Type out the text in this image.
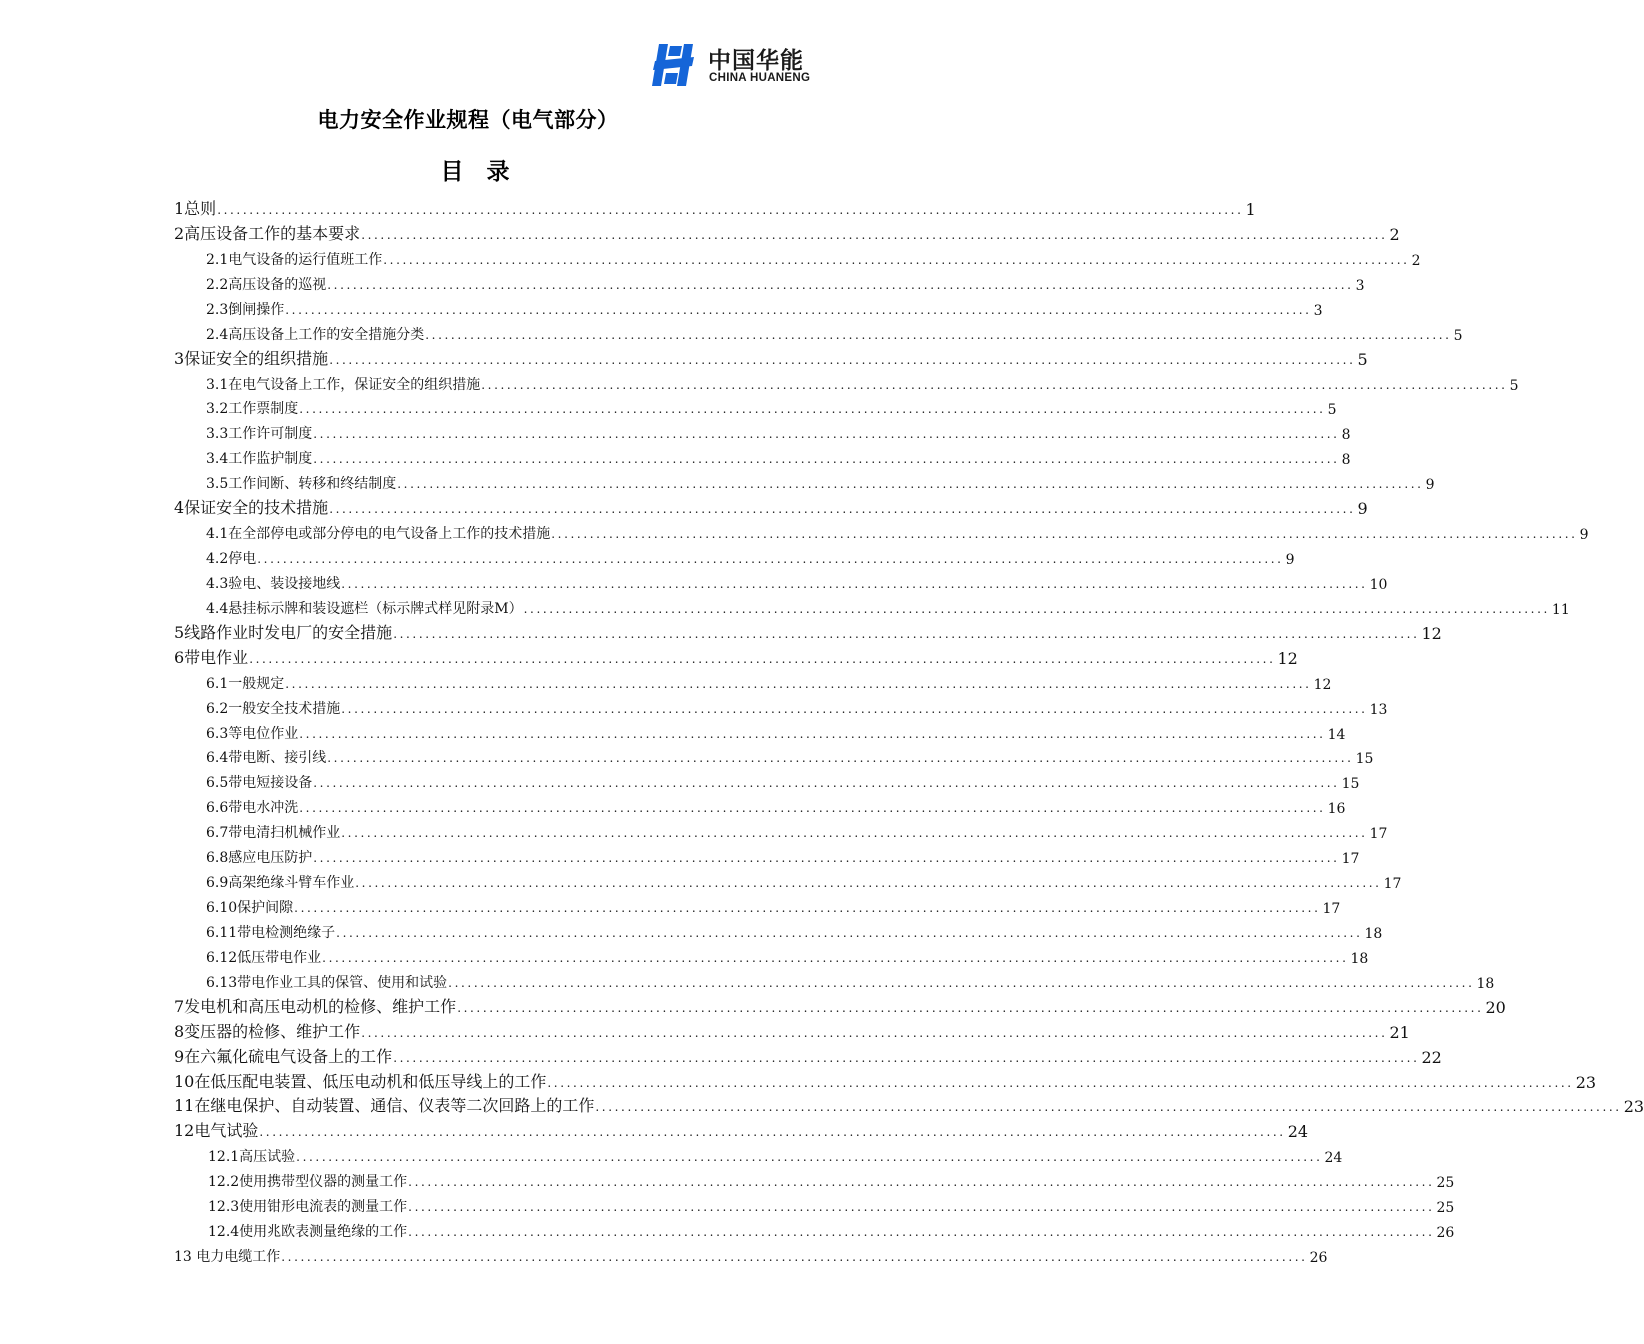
中国华能
CHINA HUANENG
电力安全作业规程（电气部分）
目　录
1总则 ................................................................................................................................................................ 1
2高压设备工作的基本要求 ................................................................................................................................................................ 2
2.1电气设备的运行值班工作 ................................................................................................................................................................ 2
2.2高压设备的巡视 ................................................................................................................................................................ 3
2.3倒闸操作 ................................................................................................................................................................ 3
2.4高压设备上工作的安全措施分类 ................................................................................................................................................................ 5
3保证安全的组织措施 ................................................................................................................................................................ 5
3.1在电气设备上工作，保证安全的组织措施 ................................................................................................................................................................ 5
3.2工作票制度 ................................................................................................................................................................ 5
3.3工作许可制度 ................................................................................................................................................................ 8
3.4工作监护制度 ................................................................................................................................................................ 8
3.5工作间断、转移和终结制度 ................................................................................................................................................................ 9
4保证安全的技术措施 ................................................................................................................................................................ 9
4.1在全部停电或部分停电的电气设备上工作的技术措施 ................................................................................................................................................................ 9
4.2停电 ................................................................................................................................................................ 9
4.3验电、装设接地线 ................................................................................................................................................................ 10
4.4悬挂标示牌和装设遮栏（标示牌式样见附录M） ................................................................................................................................................................ 11
5线路作业时发电厂的安全措施 ................................................................................................................................................................ 12
6带电作业 ................................................................................................................................................................ 12
6.1一般规定 ................................................................................................................................................................ 12
6.2一般安全技术措施 ................................................................................................................................................................ 13
6.3等电位作业 ................................................................................................................................................................ 14
6.4带电断、接引线 ................................................................................................................................................................ 15
6.5带电短接设备 ................................................................................................................................................................ 15
6.6带电水冲洗 ................................................................................................................................................................ 16
6.7带电清扫机械作业 ................................................................................................................................................................ 17
6.8感应电压防护 ................................................................................................................................................................ 17
6.9高架绝缘斗臂车作业 ................................................................................................................................................................ 17
6.10保护间隙 ................................................................................................................................................................ 17
6.11带电检测绝缘子 ................................................................................................................................................................ 18
6.12低压带电作业 ................................................................................................................................................................ 18
6.13带电作业工具的保管、使用和试验 ................................................................................................................................................................ 18
7发电机和高压电动机的检修、维护工作 ................................................................................................................................................................ 20
8变压器的检修、维护工作 ................................................................................................................................................................ 21
9在六氟化硫电气设备上的工作 ................................................................................................................................................................ 22
10在低压配电装置、低压电动机和低压导线上的工作 ................................................................................................................................................................ 23
11在继电保护、自动装置、通信、仪表等二次回路上的工作 ................................................................................................................................................................ 23
12电气试验 ................................................................................................................................................................ 24
12.1高压试验 ................................................................................................................................................................ 24
12.2使用携带型仪器的测量工作 ................................................................................................................................................................ 25
12.3使用钳形电流表的测量工作 ................................................................................................................................................................ 25
12.4使用兆欧表测量绝缘的工作 ................................................................................................................................................................ 26
13 电力电缆工作 ................................................................................................................................................................ 26
